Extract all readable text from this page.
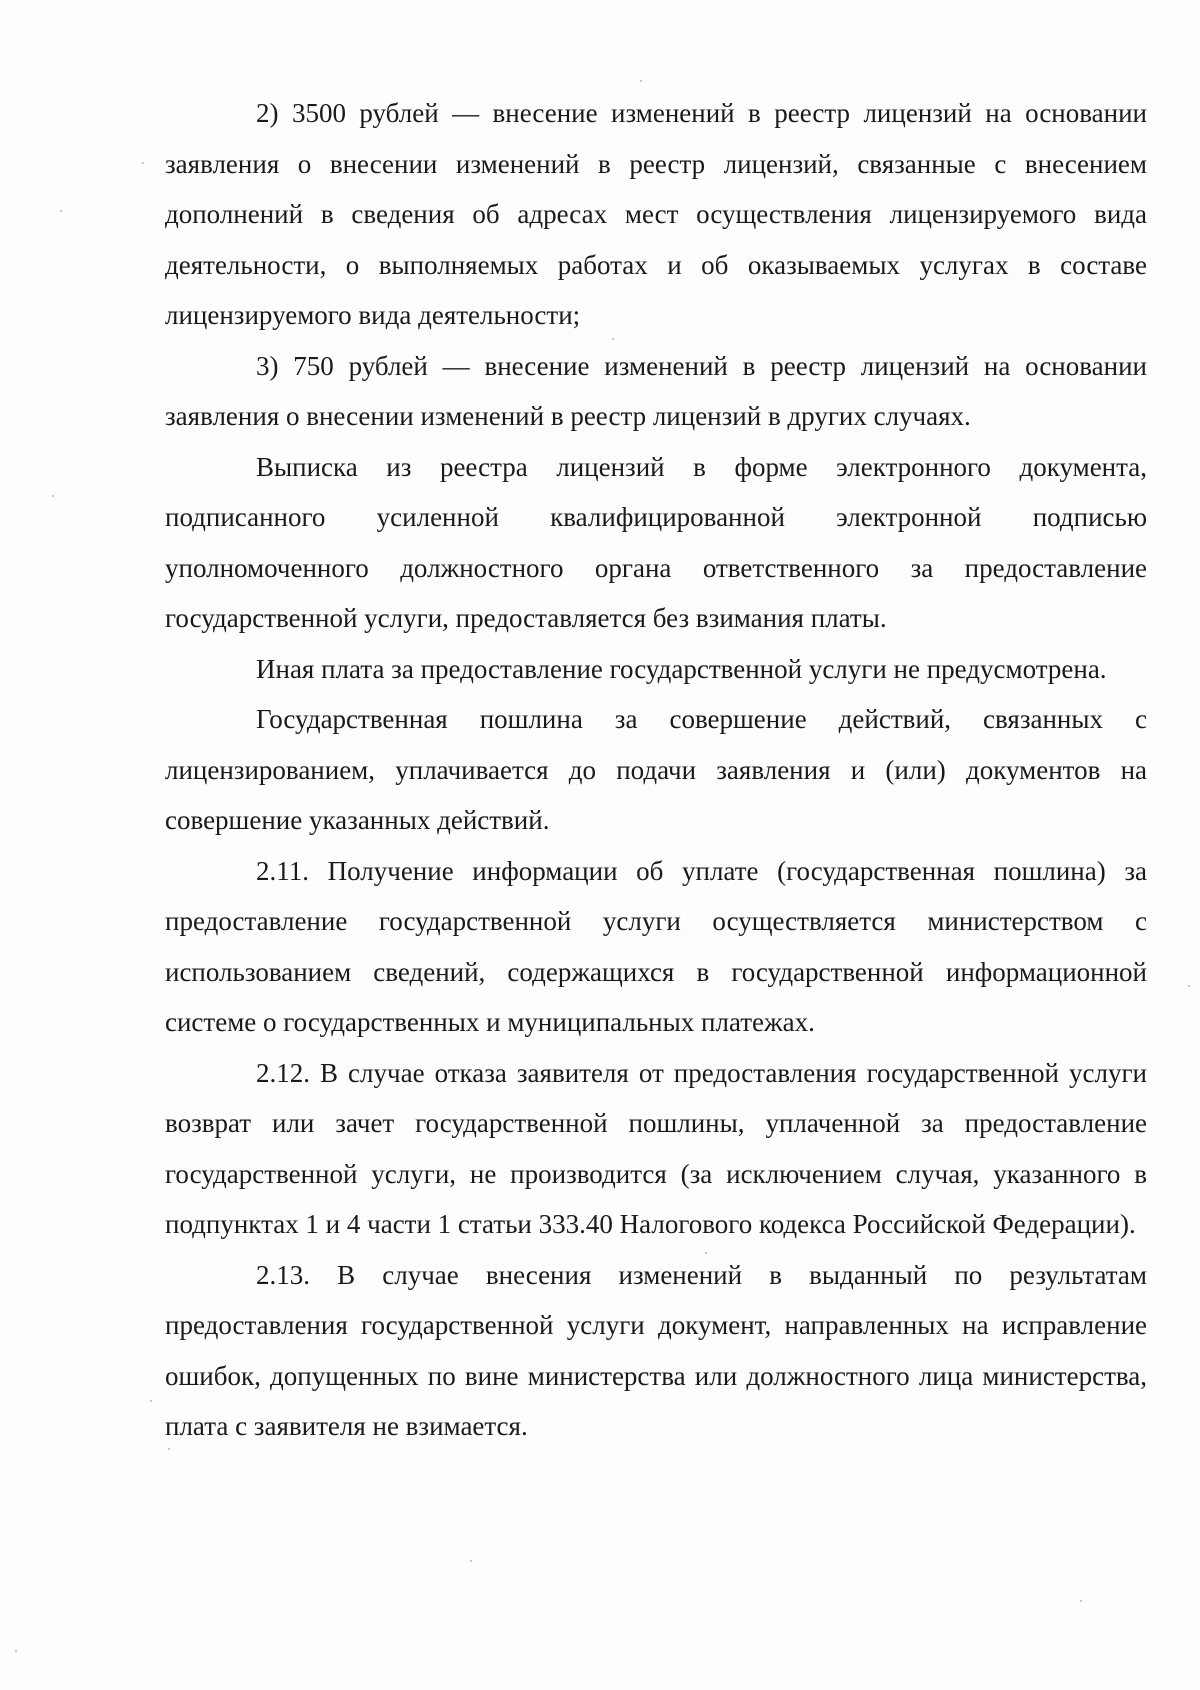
2) 3500 рублей — внесение изменений в реестр лицензий на основании заявления о внесении изменений в реестр лицензий, связанные с внесением дополнений в сведения об адресах мест осуществления лицензируемого вида деятельности, о выполняемых работах и об оказываемых услугах в составе лицензируемого вида деятельности;

3) 750 рублей — внесение изменений в реестр лицензий на основании заявления о внесении изменений в реестр лицензий в других случаях.

Выписка из реестра лицензий в форме электронного документа, подписанного усиленной квалифицированной электронной подписью уполномоченного должностного органа ответственного за предоставление государственной услуги, предоставляется без взимания платы.

Иная плата за предоставление государственной услуги не предусмотрена.

Государственная пошлина за совершение действий, связанных с лицензированием, уплачивается до подачи заявления и (или) документов на совершение указанных действий.

2.11. Получение информации об уплате (государственная пошлина) за предоставление государственной услуги осуществляется министерством с использованием сведений, содержащихся в государственной информационной системе о государственных и муниципальных платежах.

2.12. В случае отказа заявителя от предоставления государственной услуги возврат или зачет государственной пошлины, уплаченной за предоставление государственной услуги, не производится (за исключением случая, указанного в подпунктах 1 и 4 части 1 статьи 333.40 Налогового кодекса Российской Федерации).

2.13. В случае внесения изменений в выданный по результатам предоставления государственной услуги документ, направленных на исправление ошибок, допущенных по вине министерства или должностного лица министерства, плата с заявителя не взимается.
